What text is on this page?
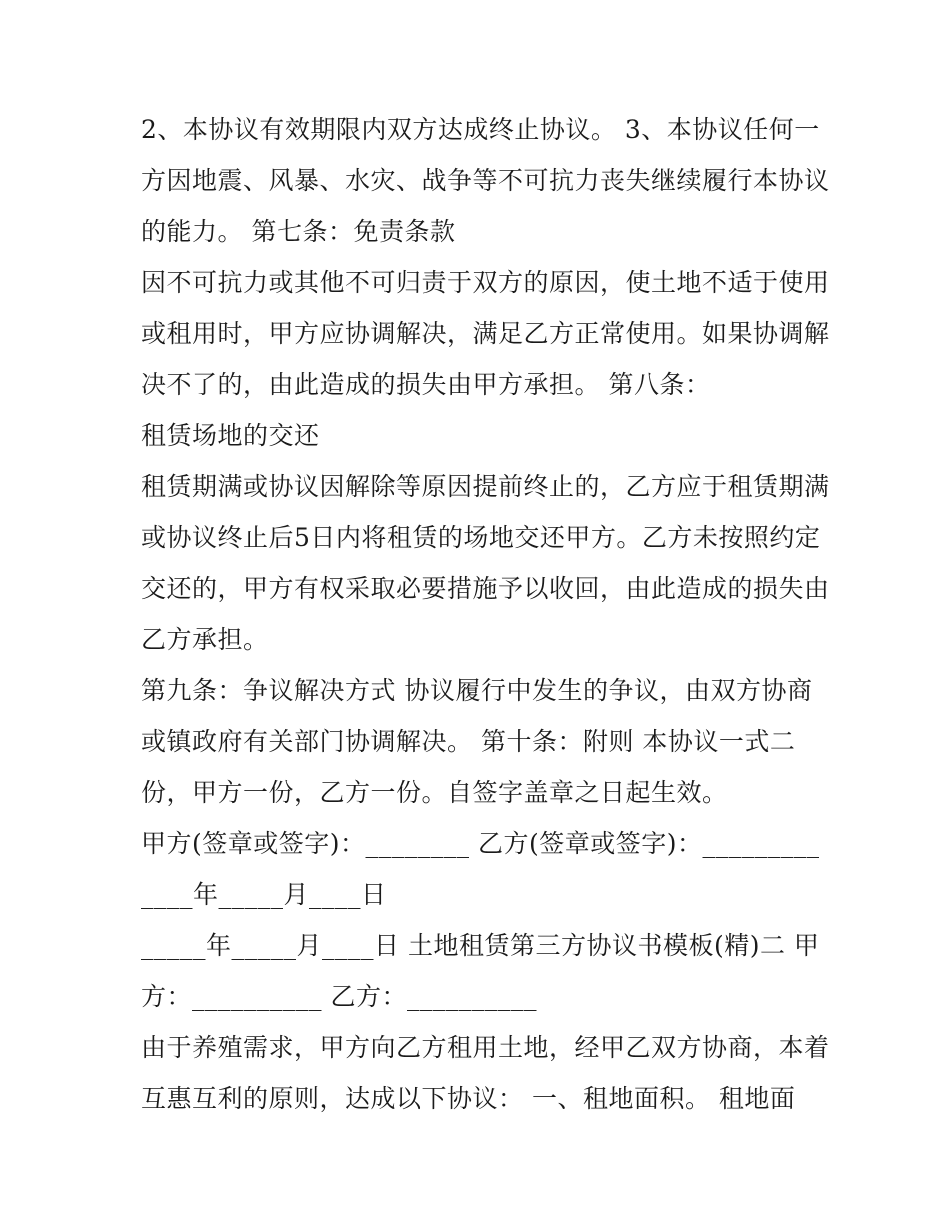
2、本协议有效期限内双方达成终止协议。 3、本协议任何一
方因地震、风暴、水灾、战争等不可抗力丧失继续履行本协议
的能力。 第七条：免责条款
因不可抗力或其他不可归责于双方的原因，使土地不适于使用
或租用时，甲方应协调解决，满足乙方正常使用。如果协调解
决不了的，由此造成的损失由甲方承担。 第八条：
租赁场地的交还
租赁期满或协议因解除等原因提前终止的，乙方应于租赁期满
或协议终止后5日内将租赁的场地交还甲方。乙方未按照约定
交还的，甲方有权采取必要措施予以收回，由此造成的损失由
乙方承担。
第九条：争议解决方式 协议履行中发生的争议，由双方协商
或镇政府有关部门协调解决。 第十条：附则 本协议一式二
份，甲方一份，乙方一份。自签字盖章之日起生效。
甲方(签章或签字)：________ 乙方(签章或签字)：_________
____年_____月____日
_____年_____月____日 土地租赁第三方协议书模板(精)二 甲
方：__________ 乙方：__________
由于养殖需求，甲方向乙方租用土地，经甲乙双方协商，本着
互惠互利的原则，达成以下协议： 一、租地面积。 租地面
